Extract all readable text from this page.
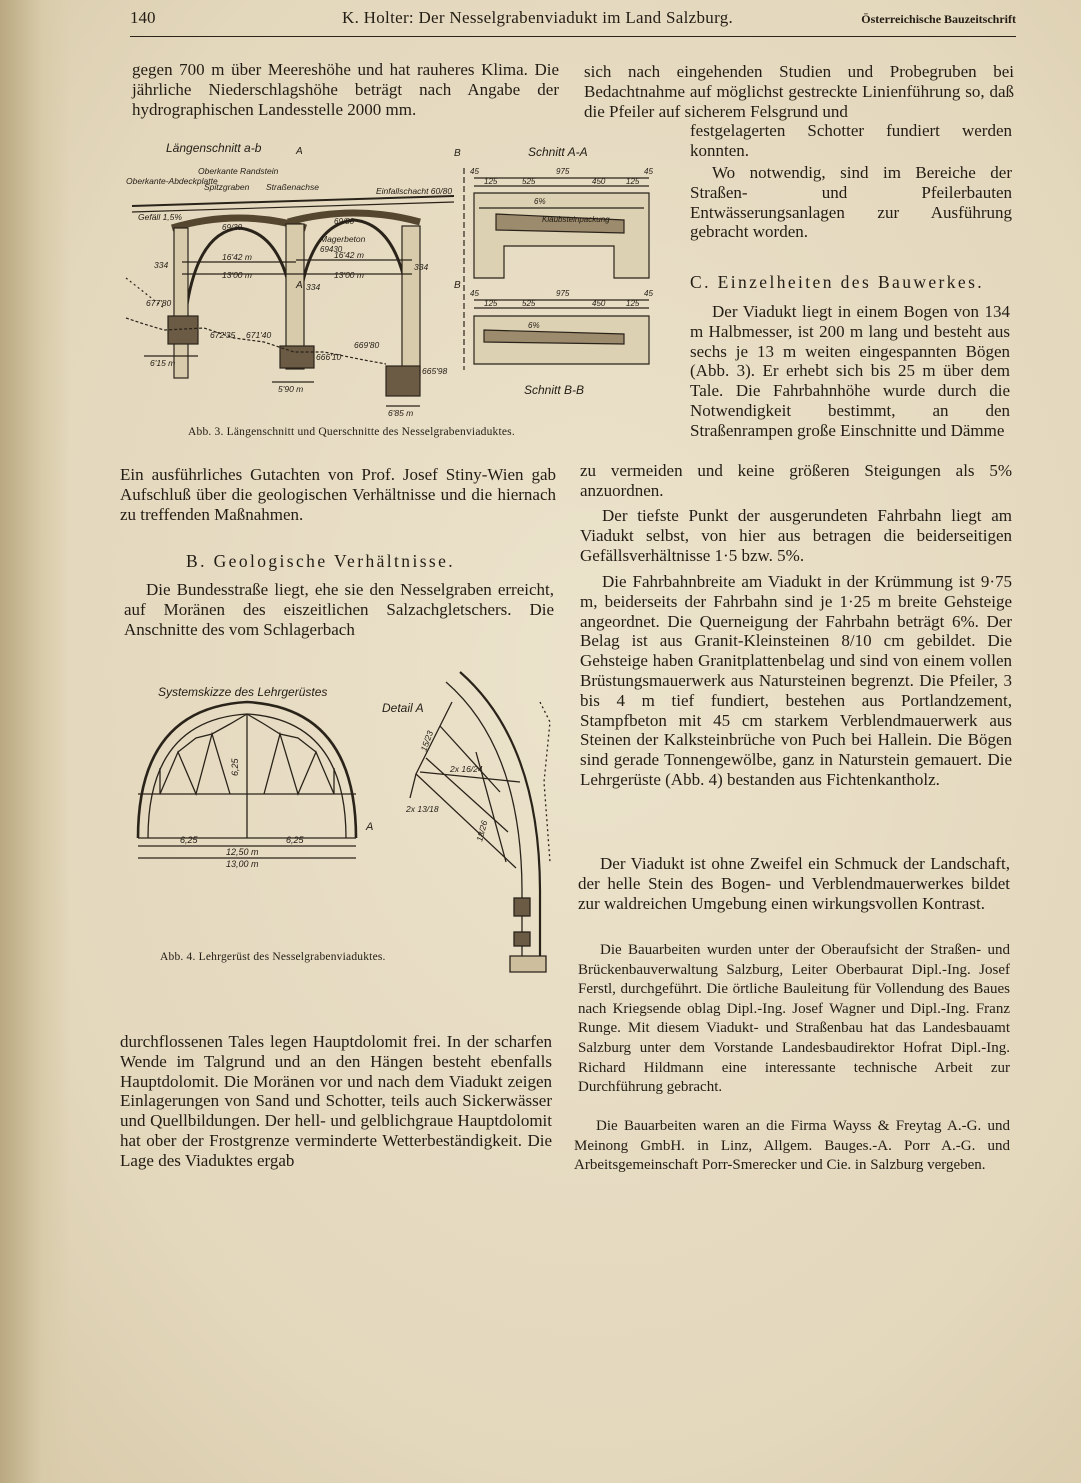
140	K. Holter: Der Nesselgrabenviadukt im Land Salzburg.	Österreichische Bauzeitschrift

gegen 700 m über Meereshöhe und hat rauheres Klima. Die jährliche Niederschlagshöhe beträgt nach Angabe der hydrographischen Landesstelle 2000 mm.

Längenschnitt a-b	Schnitt A-A
Schnitt B-B
Oberkante Randstein
Oberkante-Abdeckplatte
Spitzgraben Straßenachse	Einfallschacht 60/80
Gefäll 1,5%
Magerbeton
69/30
69/80
69430
334
334
334
16'42 m
13'00 m
16'42 m
13'00 m
677'80
672'35 671'40
669'80
666'10
665'98
6'15 m
5'90 m
6'85 m
Klaubsteinpackung
45
125	525
975
450	125
45
6%
45
125	525
975
450	125
45
6%
A
A
B
B
Abb. 3. Längenschnitt und Querschnitte des Nesselgrabenviaduktes.

Ein ausführliches Gutachten von Prof. Josef Stiny-Wien gab Aufschluß über die geologischen Verhältnisse und die hiernach zu treffenden Maßnahmen.

B. Geologische Verhältnisse.

Die Bundesstraße liegt, ehe sie den Nesselgraben erreicht, auf Moränen des eiszeitlichen Salzachgletschers. Die Anschnitte des vom Schlagerbach

Systemskizze des Lehrgerüstes
Detail A
6,25
6,25	6,25
12,50 m
13,00 m
A
15/23
2x 16/24
2x 13/18
18/26
Abb. 4. Lehrgerüst des Nesselgrabenviaduktes.

durchflossenen Tales legen Hauptdolomit frei. In der scharfen Wende im Talgrund und an den Hängen besteht ebenfalls Hauptdolomit. Die Moränen vor und nach dem Viadukt zeigen Einlagerungen von Sand und Schotter, teils auch Sickerwässer und Quellbildungen. Der hell- und gelblichgraue Hauptdolomit hat ober der Frostgrenze verminderte Wetterbeständigkeit. Die Lage des Viaduktes ergab

sich nach eingehenden Studien und Probegruben bei Bedachtnahme auf möglichst gestreckte Linienführung so, daß die Pfeiler auf sicherem Felsgrund und

festgelagerten Schotter fundiert werden konnten.

Wo notwendig, sind im Bereiche der Straßen- und Pfeilerbauten Entwässerungsanlagen zur Ausführung gebracht worden.

C. Einzelheiten des Bauwerkes.

Der Viadukt liegt in einem Bogen von 134 m Halbmesser, ist 200 m lang und besteht aus sechs je 13 m weiten eingespannten Bögen (Abb. 3). Er erhebt sich bis 25 m über dem Tale. Die Fahrbahnhöhe wurde durch die Notwendigkeit bestimmt, an den Straßenrampen große Einschnitte und Dämme

zu vermeiden und keine größeren Steigungen als 5% anzuordnen.

Der tiefste Punkt der ausgerundeten Fahrbahn liegt am Viadukt selbst, von hier aus betragen die beiderseitigen Gefällsverhältnisse 1·5 bzw. 5%.

Die Fahrbahnbreite am Viadukt in der Krümmung ist 9·75 m, beiderseits der Fahrbahn sind je 1·25 m breite Gehsteige angeordnet. Die Querneigung der Fahrbahn beträgt 6%. Der Belag ist aus Granit-Kleinsteinen 8/10 cm gebildet. Die Gehsteige haben Granitplattenbelag und sind von einem vollen Brüstungsmauerwerk aus Natursteinen begrenzt. Die Pfeiler, 3 bis 4 m tief fundiert, bestehen aus Portlandzement, Stampfbeton mit 45 cm starkem Verblendmauerwerk aus Steinen der Kalksteinbrüche von Puch bei Hallein. Die Bögen sind gerade Tonnengewölbe, ganz in Naturstein gemauert. Die Lehrgerüste (Abb. 4) bestanden aus Fichtenkantholz.

Der Viadukt ist ohne Zweifel ein Schmuck der Landschaft, der helle Stein des Bogen- und Verblendmauerwerkes bildet zur waldreichen Umgebung einen wirkungsvollen Kontrast.

Die Bauarbeiten wurden unter der Oberaufsicht der Straßen- und Brückenbauverwaltung Salzburg, Leiter Oberbaurat Dipl.-Ing. Josef Ferstl, durchgeführt. Die örtliche Bauleitung für Vollendung des Baues nach Kriegsende oblag Dipl.-Ing. Josef Wagner und Dipl.-Ing. Franz Runge. Mit diesem Viadukt- und Straßenbau hat das Landesbauamt Salzburg unter dem Vorstande Landesbaudirektor Hofrat Dipl.-Ing. Richard Hildmann eine interessante technische Arbeit zur Durchführung gebracht.

Die Bauarbeiten waren an die Firma Wayss & Freytag A.-G. und Meinong GmbH. in Linz, Allgem. Bauges.-A. Porr A.-G. und Arbeitsgemeinschaft Porr-Smerecker und Cie. in Salzburg vergeben.
